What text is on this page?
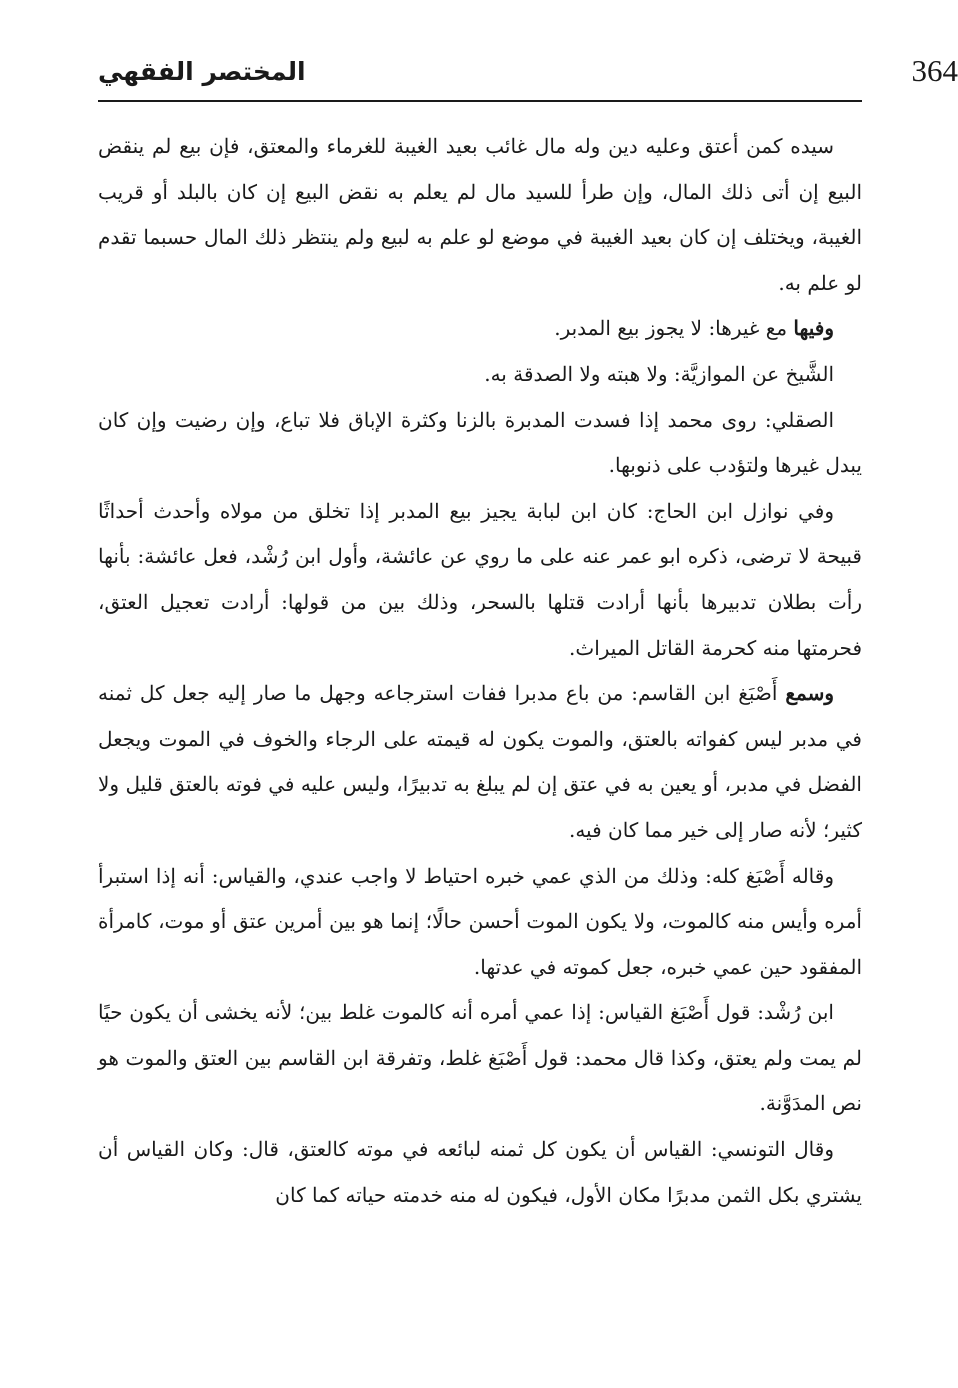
364
المختصر الفقهي

سيده كمن أعتق وعليه دين وله مال غائب بعيد الغيبة للغرماء والمعتق، فإن بيع لم ينقض البيع إن أتى ذلك المال، وإن طرأ للسيد مال لم يعلم به نقض البيع إن كان بالبلد أو قريب الغيبة، ويختلف إن كان بعيد الغيبة في موضع لو علم به لبيع ولم ينتظر ذلك المال حسبما تقدم لو علم به.

وفيها مع غيرها: لا يجوز بيع المدبر.

الشَّيخ عن الموازيَّة: ولا هبته ولا الصدقة به.

الصقلي: روى محمد إذا فسدت المدبرة بالزنا وكثرة الإباق فلا تباع، وإن رضيت وإن كان يبدل غيرها ولتؤدب على ذنوبها.

وفي نوازل ابن الحاج: كان ابن لبابة يجيز بيع المدبر إذا تخلق من مولاه وأحدث أحداثًا قبيحة لا ترضى، ذكره ابو عمر عنه على ما روي عن عائشة، وأول ابن رُشْد، فعل عائشة: بأنها رأت بطلان تدبيرها بأنها أرادت قتلها بالسحر، وذلك بين من قولها: أرادت تعجيل العتق، فحرمتها منه كحرمة القاتل الميراث.

وسمع أَصْبَغ ابن القاسم: من باع مدبرا ففات استرجاعه وجهل ما صار إليه جعل كل ثمنه في مدبر ليس كفواته بالعتق، والموت يكون له قيمته على الرجاء والخوف في الموت ويجعل الفضل في مدبر، أو يعين به في عتق إن لم يبلغ به تدبيرًا، وليس عليه في فوته بالعتق قليل ولا كثير؛ لأنه صار إلى خير مما كان فيه.

وقاله أَصْبَغ كله: وذلك من الذي عمي خبره احتياط لا واجب عندي، والقياس: أنه إذا استبرأ أمره وأيس منه كالموت، ولا يكون الموت أحسن حالًا؛ إنما هو بين أمرين عتق أو موت، كامرأة المفقود حين عمي خبره، جعل كموته في عدتها.

ابن رُشْد: قول أَصْبَغ القياس: إذا عمي أمره أنه كالموت غلط بين؛ لأنه يخشى أن يكون حيًا لم يمت ولم يعتق، وكذا قال محمد: قول أَصْبَغ غلط، وتفرقة ابن القاسم بين العتق والموت هو نص المدَوَّنة.

وقال التونسي: القياس أن يكون كل ثمنه لبائعه في موته كالعتق، قال: وكان القياس أن يشتري بكل الثمن مدبرًا مكان الأول، فيكون له منه خدمته حياته كما كان
